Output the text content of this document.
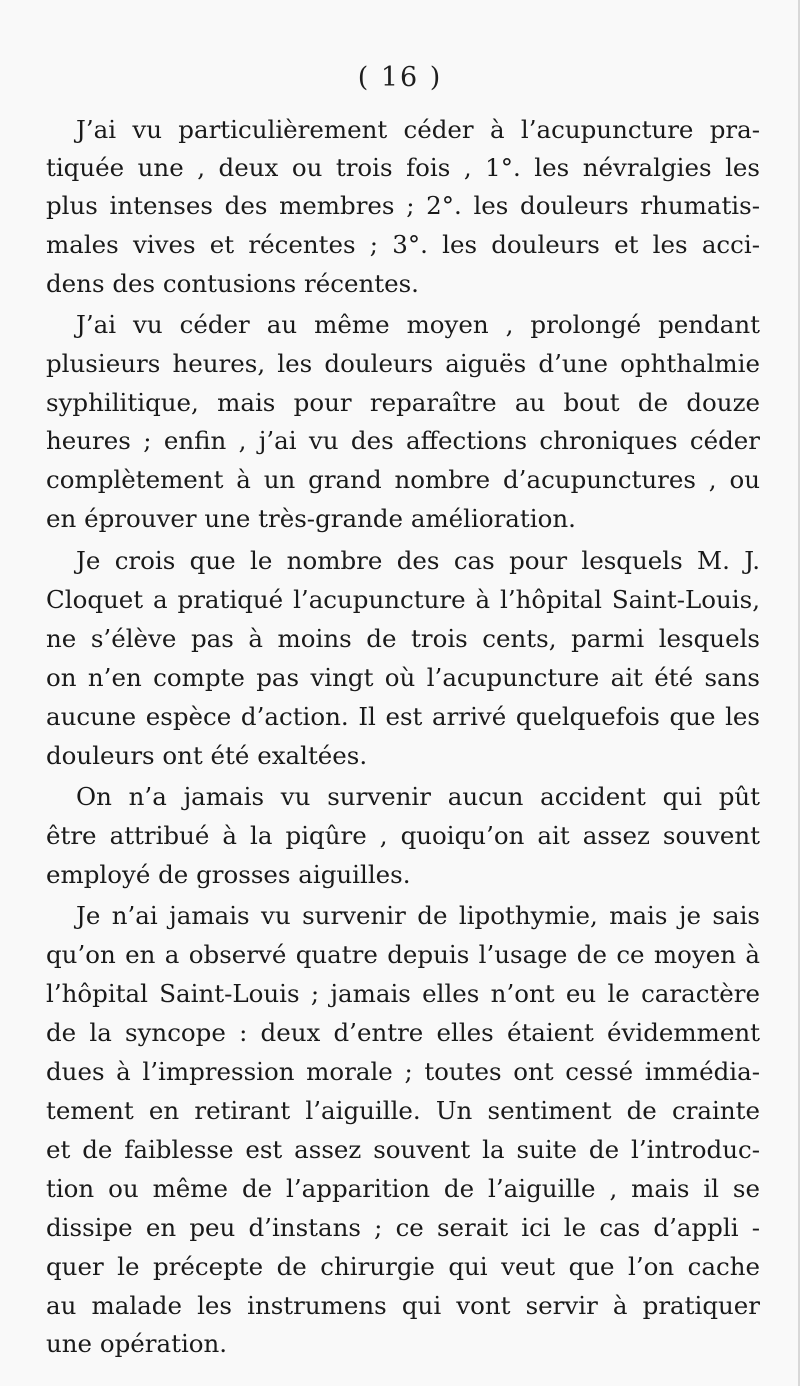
( 16 )
J’ai vu particulièrement céder à l’acupuncture pra-
tiquée une , deux ou trois fois , 1°. les névralgies les
plus intenses des membres ; 2°. les douleurs rhumatis-
males vives et récentes ; 3°. les douleurs et les acci-
dens des contusions récentes.
J’ai vu céder au même moyen , prolongé pendant
plusieurs heures, les douleurs aiguës d’une ophthalmie
syphilitique, mais pour reparaître au bout de douze
heures ; enfin , j’ai vu des affections chroniques céder
complètement à un grand nombre d’acupunctures , ou
en éprouver une très-grande amélioration.
Je crois que le nombre des cas pour lesquels M. J.
Cloquet a pratiqué l’acupuncture à l’hôpital Saint-Louis,
ne s’élève pas à moins de trois cents, parmi lesquels
on n’en compte pas vingt où l’acupuncture ait été sans
aucune espèce d’action. Il est arrivé quelquefois que les
douleurs ont été exaltées.
On n’a jamais vu survenir aucun accident qui pût
être attribué à la piqûre , quoiqu’on ait assez souvent
employé de grosses aiguilles.
Je n’ai jamais vu survenir de lipothymie, mais je sais
qu’on en a observé quatre depuis l’usage de ce moyen à
l’hôpital Saint-Louis ; jamais elles n’ont eu le caractère
de la syncope : deux d’entre elles étaient évidemment
dues à l’impression morale ; toutes ont cessé immédia-
tement en retirant l’aiguille. Un sentiment de crainte
et de faiblesse est assez souvent la suite de l’introduc-
tion ou même de l’apparition de l’aiguille , mais il se
dissipe en peu d’instans ; ce serait ici le cas d’appli -
quer le précepte de chirurgie qui veut que l’on cache
au malade les instrumens qui vont servir à pratiquer
une opération.
